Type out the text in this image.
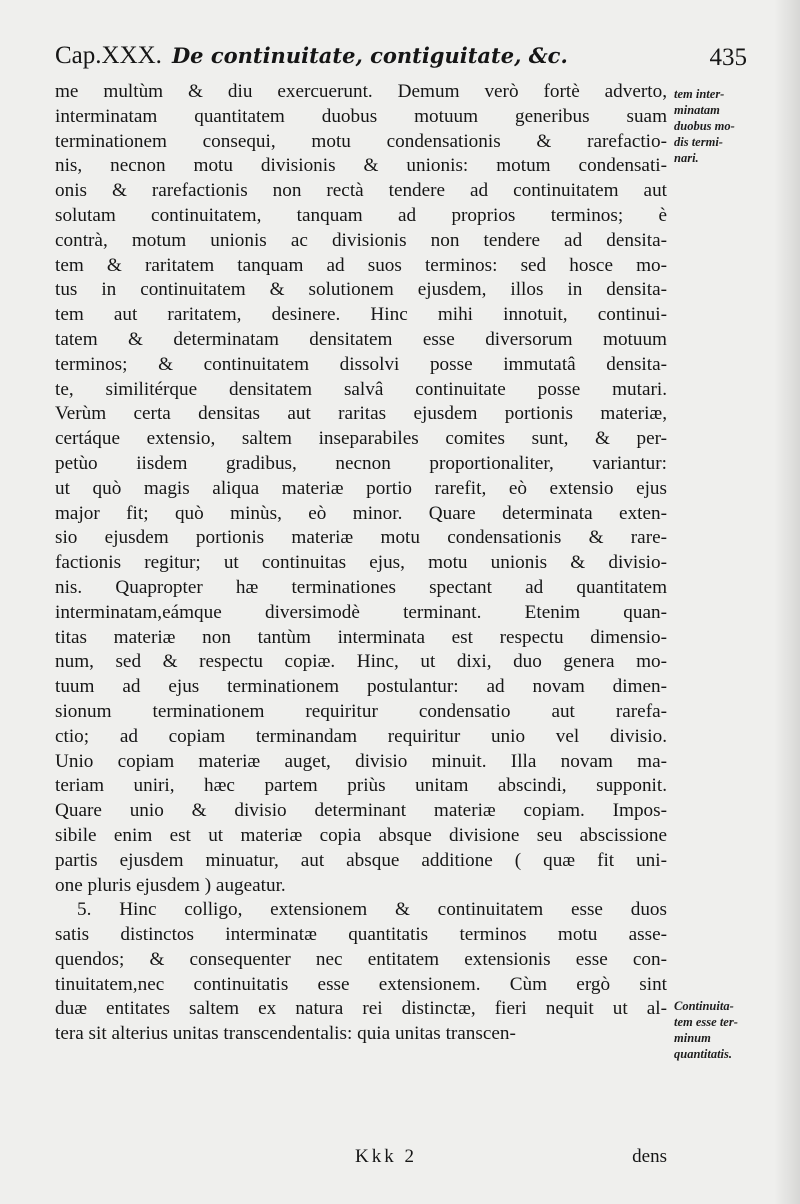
Cap.XXX. De continuitate, contiguitate, &c.	435
me multùm & diu exercuerunt. Demum verò fortè adverto,
interminatam quantitatem duobus motuum generibus suam
terminationem consequi, motu condensationis & rarefactio-
nis, necnon motu divisionis & unionis: motum condensati-
onis & rarefactionis non rectà tendere ad continuitatem aut
solutam continuitatem, tanquam ad proprios terminos; è
contrà, motum unionis ac divisionis non tendere ad densita-
tem & raritatem tanquam ad suos terminos: sed hosce mo-
tus in continuitatem & solutionem ejusdem, illos in densita-
tem aut raritatem, desinere. Hinc mihi innotuit, continui-
tatem & determinatam densitatem esse diversorum motuum
terminos; & continuitatem dissolvi posse immutatâ densita-
te, similitérque densitatem salvâ continuitate posse mutari.
Verùm certa densitas aut raritas ejusdem portionis materiæ,
certáque extensio, saltem inseparabiles comites sunt, & per-
petùo iisdem gradibus, necnon proportionaliter, variantur:
ut quò magis aliqua materiæ portio rarefit, eò extensio ejus
major fit; quò minùs, eò minor. Quare determinata exten-
sio ejusdem portionis materiæ motu condensationis & rare-
factionis regitur; ut continuitas ejus, motu unionis & divisio-
nis. Quapropter hæ terminationes spectant ad quantitatem
interminatam,eámque diversimodè terminant. Etenim quan-
titas materiæ non tantùm interminata est respectu dimensio-
num, sed & respectu copiæ. Hinc, ut dixi, duo genera mo-
tuum ad ejus terminationem postulantur: ad novam dimen-
sionum terminationem requiritur condensatio aut rarefa-
ctio; ad copiam terminandam requiritur unio vel divisio.
Unio copiam materiæ auget, divisio minuit. Illa novam ma-
teriam uniri, hæc partem priùs unitam abscindi, supponit.
Quare unio & divisio determinant materiæ copiam. Impos-
sibile enim est ut materiæ copia absque divisione seu abscissione
partis ejusdem minuatur, aut absque additione ( quæ fit uni-
one pluris ejusdem ) augeatur.
5. Hinc colligo, extensionem & continuitatem esse duos
satis distinctos interminatæ quantitatis terminos motu asse-
quendos; & consequenter nec entitatem extensionis esse con-
tinuitatem,nec continuitatis esse extensionem. Cùm ergò sint
duæ entitates saltem ex natura rei distinctæ, fieri nequit ut al-
tera sit alterius unitas transcendentalis: quia unitas transcen-
tem inter-
minatam
duobus mo-
dis termi-
nari.
Continuita-
tem esse ter-
minum
quantitatis.
Kkk 2	dens
